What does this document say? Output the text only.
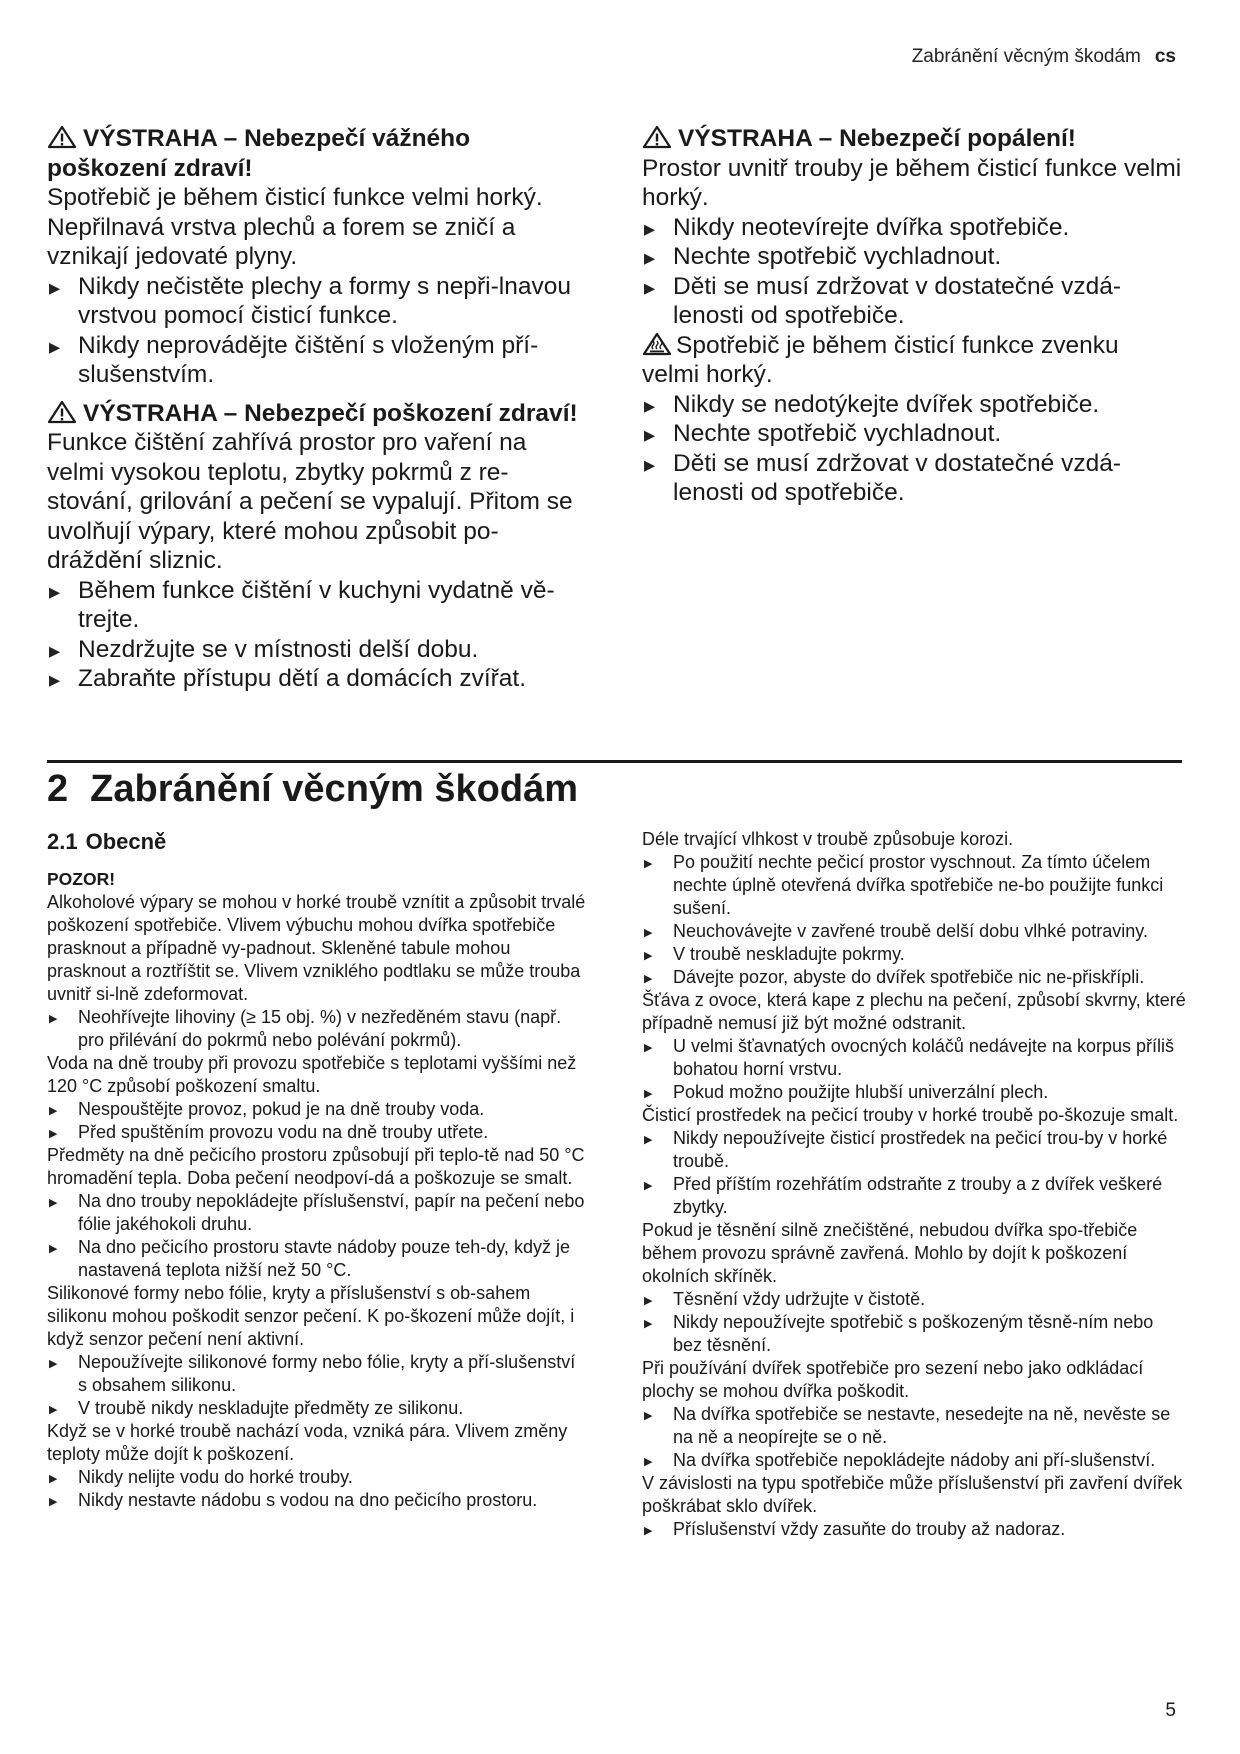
Zabránění věcným škodám cs

VÝSTRAHA – Nebezpečí vážného poškození zdraví!

Spotřebič je během čisticí funkce velmi horký. Nepřilnavá vrstva plechů a forem se zničí a vznikají jedovaté plyny.

▶ Nikdy nečistěte plechy a formy s nepři-lnavou vrstvou pomocí čisticí funkce.
▶ Nikdy neprovádějte čištění s vloženým pří-slušenstvím.

VÝSTRAHA – Nebezpečí poškození zdraví!

Funkce čištění zahřívá prostor pro vaření na velmi vysokou teplotu, zbytky pokrmů z re-stování, grilování a pečení se vypalují. Přitom se uvolňují výpary, které mohou způsobit po-dráždění sliznic.

▶ Během funkce čištění v kuchyni vydatně vě-trejte.
▶ Nezdržujte se v místnosti delší dobu.
▶ Zabraňte přístupu dětí a domácích zvířat.

VÝSTRAHA – Nebezpečí popálení!

Prostor uvnitř trouby je během čisticí funkce velmi horký.

▶ Nikdy neotevírejte dvířka spotřebiče.
▶ Nechte spotřebič vychladnout.
▶ Děti se musí zdržovat v dostatečné vzdá-lenosti od spotřebiče.

Spotřebič je během čisticí funkce zvenku velmi horký.

▶ Nikdy se nedotýkejte dvířek spotřebiče.
▶ Nechte spotřebič vychladnout.
▶ Děti se musí zdržovat v dostatečné vzdá-lenosti od spotřebiče.
2 Zabránění věcným škodám
2.1 Obecně

POZOR!

Alkoholové výpary se mohou v horké troubě vznítit a způsobit trvalé poškození spotřebiče. Vlivem výbuchu mohou dvířka spotřebiče prasknout a případně vy-padnout. Skleněné tabule mohou prasknout a roztříštit se. Vlivem vzniklého podtlaku se může trouba uvnitř si-lně zdeformovat.

▶ Neohřívejte lihoviny (≥ 15 obj. %) v nezředěném stavu (např. pro přilévání do pokrmů nebo polévání pokrmů).

Voda na dně trouby při provozu spotřebiče s teplotami vyššími než 120 °C způsobí poškození smaltu.

▶ Nespouštějte provoz, pokud je na dně trouby voda.
▶ Před spuštěním provozu vodu na dně trouby utřete.

Předměty na dně pečicího prostoru způsobují při teplo-tě nad 50 °C hromadění tepla. Doba pečení neodpoví-dá a poškozuje se smalt.

▶ Na dno trouby nepokládejte příslušenství, papír na pečení nebo fólie jakéhokoli druhu.
▶ Na dno pečicího prostoru stavte nádoby pouze teh-dy, když je nastavená teplota nižší než 50 °C.

Silikonové formy nebo fólie, kryty a příslušenství s ob-sahem silikonu mohou poškodit senzor pečení. K po-škození může dojít, i když senzor pečení není aktivní.

▶ Nepoužívejte silikonové formy nebo fólie, kryty a pří-slušenství s obsahem silikonu.
▶ V troubě nikdy neskladujte předměty ze silikonu.

Když se v horké troubě nachází voda, vzniká pára. Vlivem změny teploty může dojít k poškození.

▶ Nikdy nelijte vodu do horké trouby.
▶ Nikdy nestavte nádobu s vodou na dno pečicího prostoru.

Déle trvající vlhkost v troubě způsobuje korozi.

▶ Po použití nechte pečicí prostor vyschnout. Za tímto účelem nechte úplně otevřená dvířka spotřebiče ne-bo použijte funkci sušení.
▶ Neuchovávejte v zavřené troubě delší dobu vlhké potraviny.
▶ V troubě neskladujte pokrmy.
▶ Dávejte pozor, abyste do dvířek spotřebiče nic ne-přiskřípli.

Šťáva z ovoce, která kape z plechu na pečení, způsobí skvrny, které případně nemusí již být možné odstranit.

▶ U velmi šťavnatých ovocných koláčů nedávejte na korpus příliš bohatou horní vrstvu.
▶ Pokud možno použijte hlubší univerzální plech.

Čisticí prostředek na pečicí trouby v horké troubě po-škozuje smalt.

▶ Nikdy nepoužívejte čisticí prostředek na pečicí trou-by v horké troubě.
▶ Před příštím rozehřátím odstraňte z trouby a z dvířek veškeré zbytky.

Pokud je těsnění silně znečištěné, nebudou dvířka spo-třebiče během provozu správně zavřená. Mohlo by dojít k poškození okolních skříněk.

▶ Těsnění vždy udržujte v čistotě.
▶ Nikdy nepoužívejte spotřebič s poškozeným těsně-ním nebo bez těsnění.

Při používání dvířek spotřebiče pro sezení nebo jako odkládací plochy se mohou dvířka poškodit.

▶ Na dvířka spotřebiče se nestavte, nesedejte na ně, nevěste se na ně a neopírejte se o ně.
▶ Na dvířka spotřebiče nepokládejte nádoby ani pří-slušenství.

V závislosti na typu spotřebiče může příslušenství při zavření dvířek poškrábat sklo dvířek.

▶ Příslušenství vždy zasuňte do trouby až nadoraz.
5
